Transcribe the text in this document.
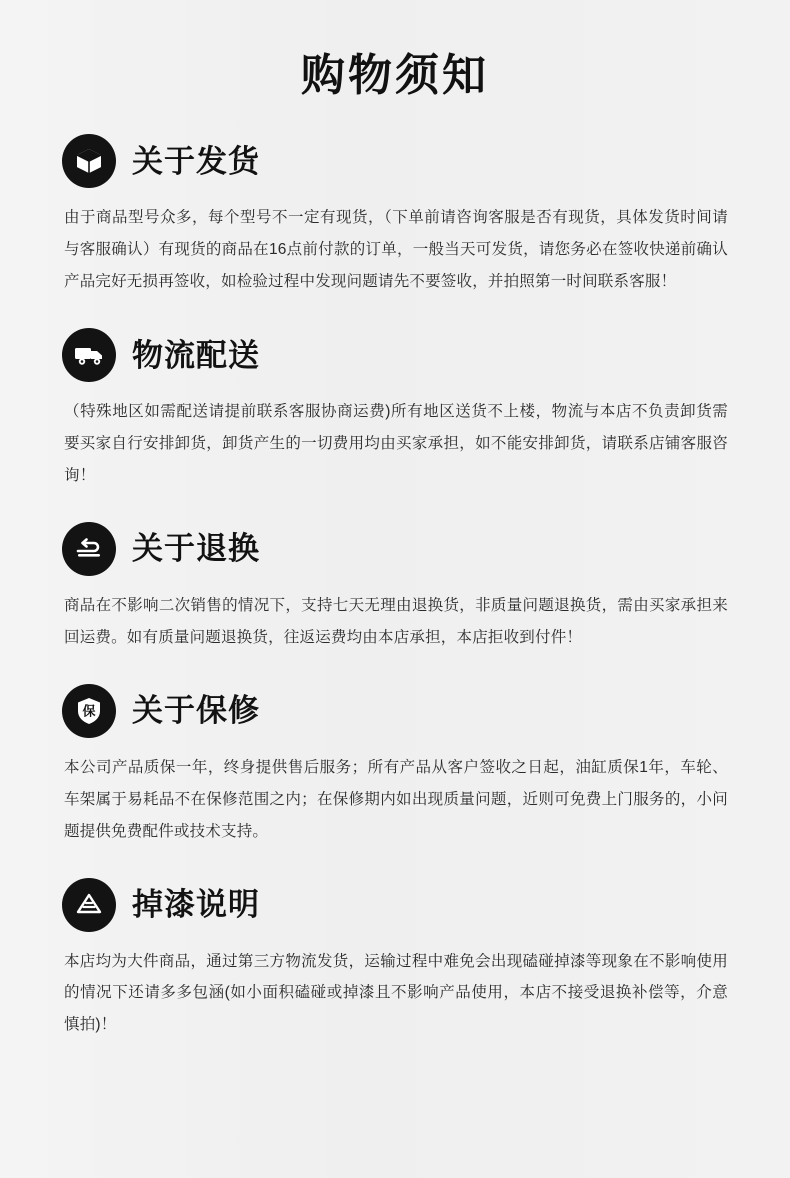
购物须知
关于发货
由于商品型号众多，每个型号不一定有现货，（下单前请咨询客服是否有现货，具体发货时间请与客服确认）有现货的商品在16点前付款的订单，一般当天可发货，请您务必在签收快递前确认产品完好无损再签收，如检验过程中发现问题请先不要签收，并拍照第一时间联系客服！
物流配送
（特殊地区如需配送请提前联系客服协商运费)所有地区送货不上楼，物流与本店不负责卸货需要买家自行安排卸货，卸货产生的一切费用均由买家承担，如不能安排卸货，请联系店铺客服咨询！
关于退换
商品在不影响二次销售的情况下，支持七天无理由退换货，非质量问题退换货，需由买家承担来回运费。如有质量问题退换货，往返运费均由本店承担，本店拒收到付件！
保 关于保修
本公司产品质保一年，终身提供售后服务；所有产品从客户签收之日起，油缸质保1年，车轮、车架属于易耗品不在保修范围之内；在保修期内如出现质量问题，近则可免费上门服务的，小问题提供免费配件或技术支持。
掉漆说明
本店均为大件商品，通过第三方物流发货，运输过程中难免会出现磕碰掉漆等现象在不影响使用的情况下还请多多包涵(如小面积磕碰或掉漆且不影响产品使用，本店不接受退换补偿等，介意慎拍)！
